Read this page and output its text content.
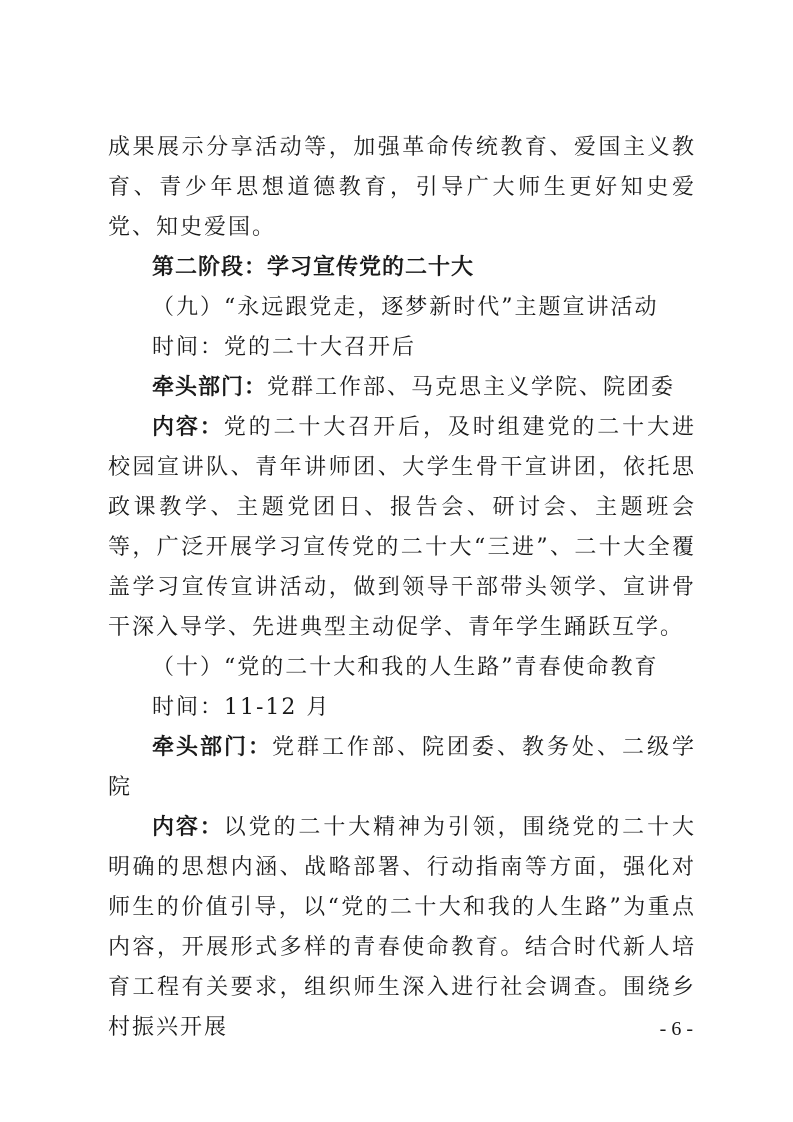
成果展示分享活动等，加强革命传统教育、爱国主义教育、青少年思想道德教育，引导广大师生更好知史爱党、知史爱国。

第二阶段：学习宣传党的二十大

（九）“永远跟党走，逐梦新时代”主题宣讲活动

时间：党的二十大召开后

牵头部门：党群工作部、马克思主义学院、院团委

内容：党的二十大召开后，及时组建党的二十大进校园宣讲队、青年讲师团、大学生骨干宣讲团，依托思政课教学、主题党团日、报告会、研讨会、主题班会等，广泛开展学习宣传党的二十大“三进”、二十大全覆盖学习宣传宣讲活动，做到领导干部带头领学、宣讲骨干深入导学、先进典型主动促学、青年学生踊跃互学。

（十）“党的二十大和我的人生路”青春使命教育

时间：11-12 月

牵头部门：党群工作部、院团委、教务处、二级学院

内容：以党的二十大精神为引领，围绕党的二十大明确的思想内涵、战略部署、行动指南等方面，强化对师生的价值引导，以“党的二十大和我的人生路”为重点内容，开展形式多样的青春使命教育。结合时代新人培育工程有关要求，组织师生深入进行社会调查。围绕乡村振兴开展	- 6 -
